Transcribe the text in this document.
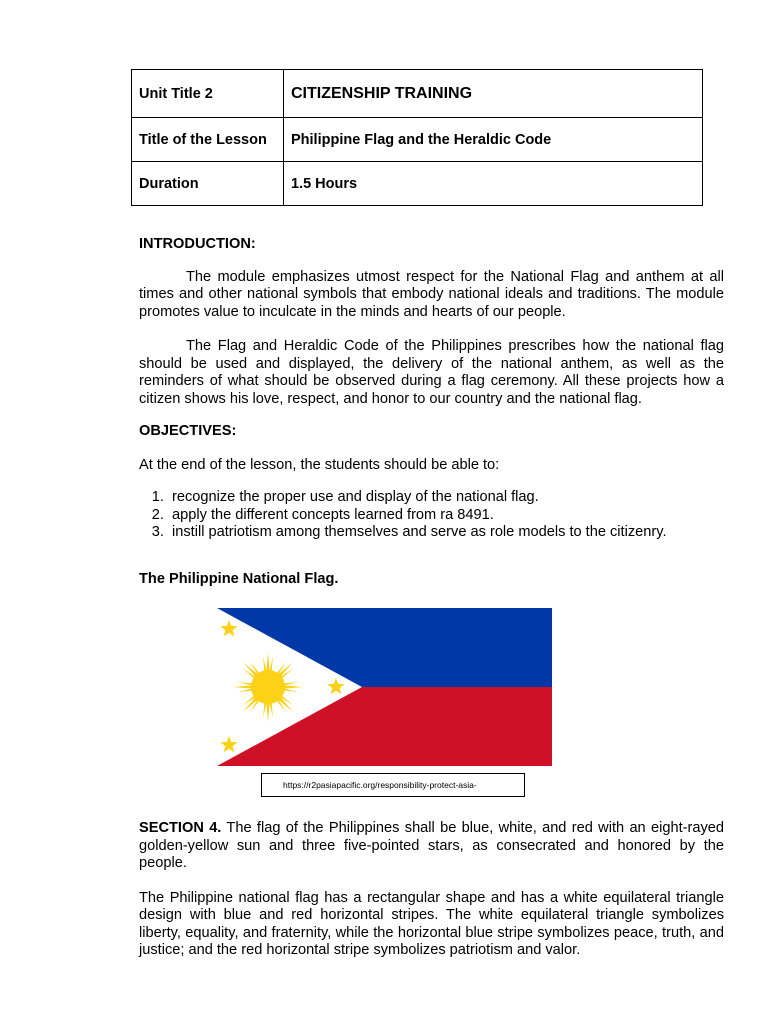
Unit Title 2	CITIZENSHIP TRAINING
Title of the Lesson	Philippine Flag and the Heraldic Code
Duration	1.5 Hours

INTRODUCTION:

The module emphasizes utmost respect for the National Flag and anthem at all times and other national symbols that embody national ideals and traditions. The module promotes value to inculcate in the minds and hearts of our people.

The Flag and Heraldic Code of the Philippines prescribes how the national flag should be used and displayed, the delivery of the national anthem, as well as the reminders of what should be observed during a flag ceremony. All these projects how a citizen shows his love, respect, and honor to our country and the national flag.

OBJECTIVES:

At the end of the lesson, the students should be able to:

1. recognize the proper use and display of the national flag.
2. apply the different concepts learned from ra 8491.
3. instill patriotism among themselves and serve as role models to the citizenry.

The Philippine National Flag.

https://r2pasiapacific.org/responsibility-protect-asia-

SECTION 4. The flag of the Philippines shall be blue, white, and red with an eight-rayed golden-yellow sun and three five-pointed stars, as consecrated and honored by the people.

The Philippine national flag has a rectangular shape and has a white equilateral triangle design with blue and red horizontal stripes. The white equilateral triangle symbolizes liberty, equality, and fraternity, while the horizontal blue stripe symbolizes peace, truth, and justice; and the red horizontal stripe symbolizes patriotism and valor.
